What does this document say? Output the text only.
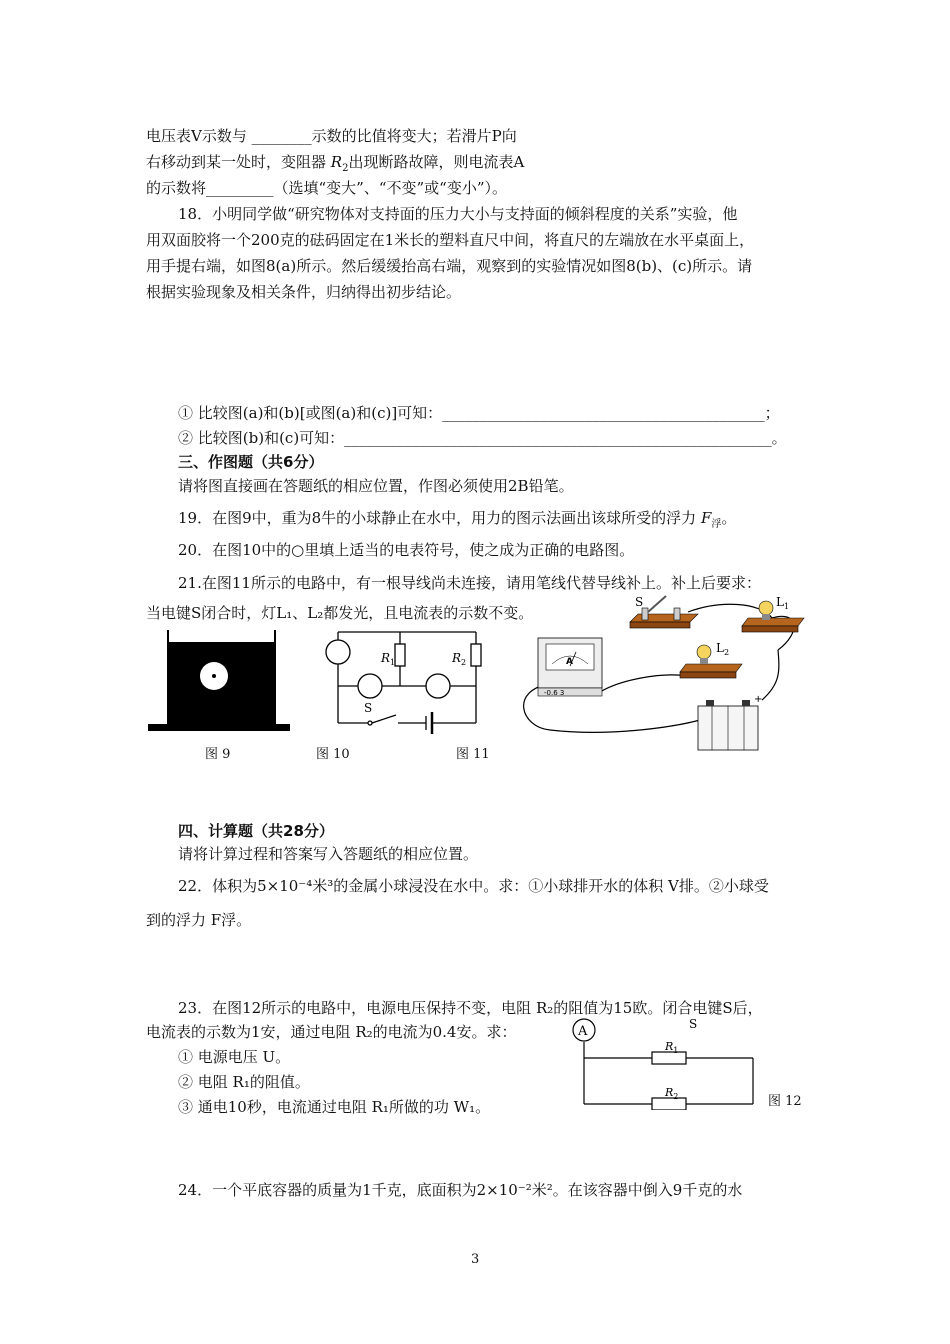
电压表V示数与 ________示数的比值将变大；若滑片P向
右移动到某一处时，变阻器 $R_2$出现断路故障，则电流表A
的示数将_________（选填“变大”、“不变”或“变小”）。
18．小明同学做“研究物体对支持面的压力大小与支持面的倾斜程度的关系”实验，他
用双面胶将一个200克的砝码固定在1米长的塑料直尺中间，将直尺的左端放在水平桌面上，
用手提右端，如图8(a)所示。然后缓缓抬高右端，观察到的实验情况如图8(b)、(c)所示。请
根据实验现象及相关条件，归纳得出初步结论。
① 比较图(a)和(b)[或图(a)和(c)]可知：___________________________________________；
② 比较图(b)和(c)可知：_________________________________________________________。
三、作图题（共6分）
请将图直接画在答题纸的相应位置，作图必须使用2B铅笔。
19．在图9中，重为8牛的小球静止在水中，用力的图示法画出该球所受的浮力 $F_浮$。
20．在图10中的○里填上适当的电表符号，使之成为正确的电路图。
21.在图11所示的电路中，有一根导线尚未连接，请用笔线代替导线补上。补上后要求：
当电键S闭合时，灯L₁、L₂都发光，且电流表的示数不变。
图 9
$R_1$	$R_2$
S
图 10	图 11
S	$L_1$
$L_2$
A
-0.6 3
+
四、计算题（共28分）
请将计算过程和答案写入答题纸的相应位置。
22．体积为5×10⁻⁴米³的金属小球浸没在水中。求：①小球排开水的体积 V排。②小球受
到的浮力 F浮。
23．在图12所示的电路中，电源电压保持不变，电阻 R₂的阻值为15欧。闭合电键S后，
电流表的示数为1安，通过电阻 R₂的电流为0.4安。求：
① 电源电压 U。
② 电阻 R₁的阻值。
③ 通电10秒，电流通过电阻 R₁所做的功 W₁。
A
$R_1$
$R_2$
S
图 12
24．一个平底容器的质量为1千克，底面积为2×10⁻²米²。在该容器中倒入9千克的水
3
